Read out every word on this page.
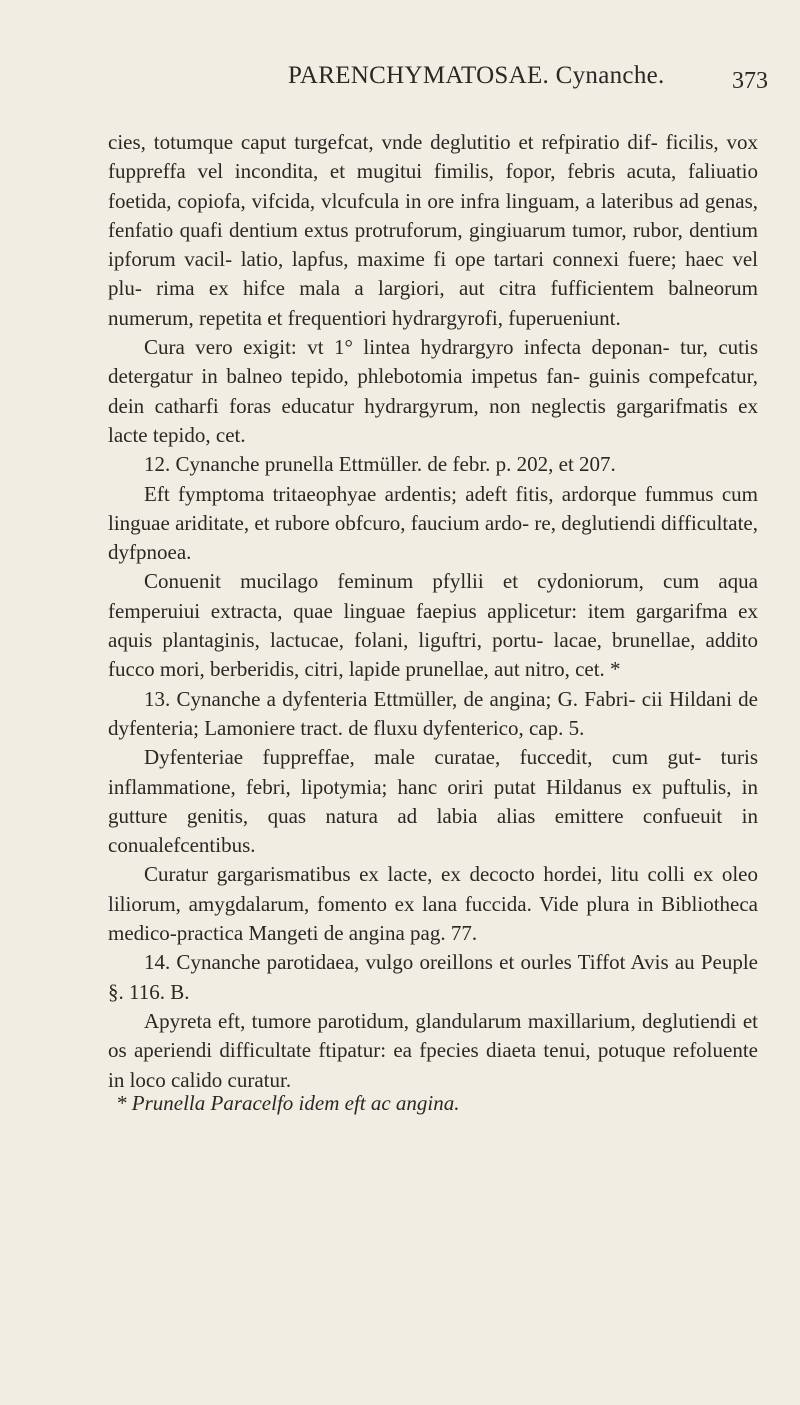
PARENCHYMATOSAE. Cynanche.	373

cies, totumque caput turgefcat, vnde deglutitio et refpiratio dif- ficilis, vox fuppreffa vel incondita, et mugitui fimilis, fopor, febris acuta, faliuatio foetida, copiofa, vifcida, vlcufcula in ore infra linguam, a lateribus ad genas, fenfatio quafi dentium extus protruforum, gingiuarum tumor, rubor, dentium ipforum vacil- latio, lapfus, maxime fi ope tartari connexi fuere; haec vel plu- rima ex hifce mala a largiori, aut citra fufficientem balneorum numerum, repetita et frequentiori hydrargyrofi, fuperueniunt.

Cura vero exigit: vt 1° lintea hydrargyro infecta deponan- tur, cutis detergatur in balneo tepido, phlebotomia impetus fan- guinis compefcatur, dein catharfi foras educatur hydrargyrum, non neglectis gargarifmatis ex lacte tepido, cet.

12. Cynanche prunella Ettmüller. de febr. p. 202, et 207.

Eft fymptoma tritaeophyae ardentis; adeft fitis, ardorque fummus cum linguae ariditate, et rubore obfcuro, faucium ardo- re, deglutiendi difficultate, dyfpnoea.

Conuenit mucilago feminum pfyllii et cydoniorum, cum aqua femperuiui extracta, quae linguae faepius applicetur: item gargarifma ex aquis plantaginis, lactucae, folani, liguftri, portu- lacae, brunellae, addito fucco mori, berberidis, citri, lapide prunellae, aut nitro, cet. *

13. Cynanche a dyfenteria Ettmüller, de angina; G. Fabri- cii Hildani de dyfenteria; Lamoniere tract. de fluxu dyfenterico, cap. 5.

Dyfenteriae fuppreffae, male curatae, fuccedit, cum gut- turis inflammatione, febri, lipotymia; hanc oriri putat Hildanus ex puftulis, in gutture genitis, quas natura ad labia alias emittere confueuit in conualefcentibus.

Curatur gargarismatibus ex lacte, ex decocto hordei, litu colli ex oleo liliorum, amygdalarum, fomento ex lana fuccida. Vide plura in Bibliotheca medico-practica Mangeti de angina pag. 77.

14. Cynanche parotidaea, vulgo oreillons et ourles Tiffot Avis au Peuple §. 116. B.

Apyreta eft, tumore parotidum, glandularum maxillarium, deglutiendi et os aperiendi difficultate ftipatur: ea fpecies diaeta tenui, potuque refoluente in loco calido curatur.

* Prunella Paracelfo idem eft ac angina.
